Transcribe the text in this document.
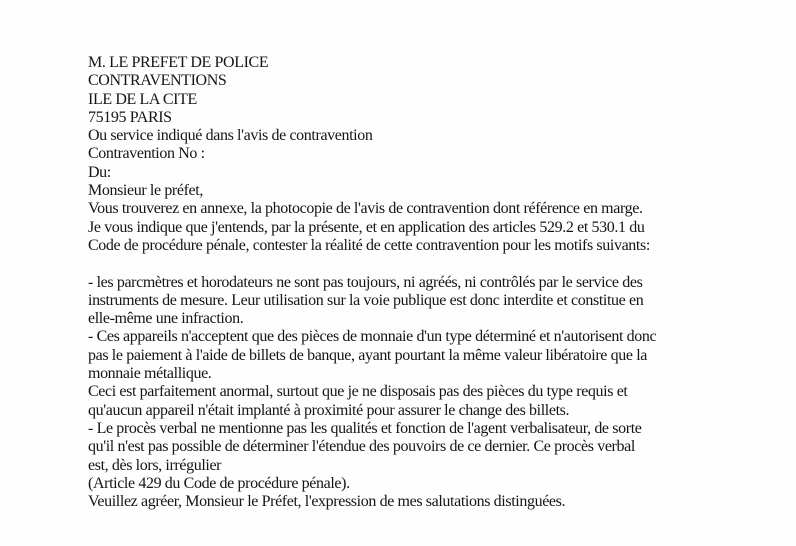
M. LE PREFET DE POLICE
CONTRAVENTIONS
ILE DE LA CITE
75195 PARIS
Ou service indiqué dans l'avis de contravention
Contravention No :
Du:
Monsieur le préfet,
Vous trouverez en annexe, la photocopie de l'avis de contravention dont référence en marge.
Je vous indique que j'entends, par la présente, et en application des articles 529.2 et 530.1 du
Code de procédure pénale, contester la réalité de cette contravention pour les motifs suivants:

- les parcmètres et horodateurs ne sont pas toujours, ni agréés, ni contrôlés par le service des
instruments de mesure. Leur utilisation sur la voie publique est donc interdite et constitue en
elle-même une infraction.
- Ces appareils n'acceptent que des pièces de monnaie d'un type déterminé et n'autorisent donc
pas le paiement à l'aide de billets de banque, ayant pourtant la même valeur libératoire que la
monnaie métallique.
Ceci est parfaitement anormal, surtout que je ne disposais pas des pièces du type requis et
qu'aucun appareil n'était implanté à proximité pour assurer le change des billets.
- Le procès verbal ne mentionne pas les qualités et fonction de l'agent verbalisateur, de sorte
qu'il n'est pas possible de déterminer l'étendue des pouvoirs de ce dernier. Ce procès verbal
est, dès lors, irrégulier
(Article 429 du Code de procédure pénale).
Veuillez agréer, Monsieur le Préfet, l'expression de mes salutations distinguées.
